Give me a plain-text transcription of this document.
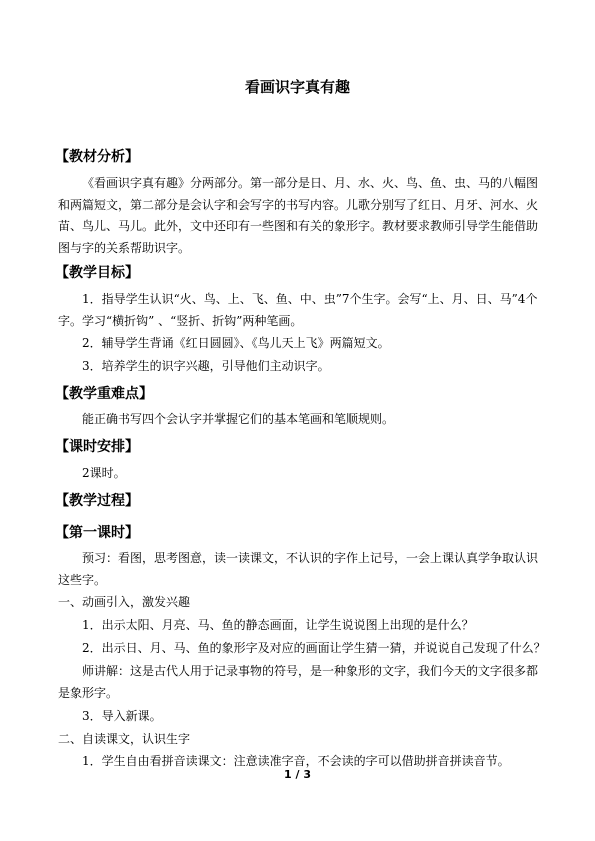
看画识字真有趣
【教材分析】
《看画识字真有趣》分两部分。第一部分是日、月、水、火、鸟、鱼、虫、马的八幅图和两篇短文，第二部分是会认字和会写字的书写内容。儿歌分别写了红日、月牙、河水、火苗、鸟儿、马儿。此外，文中还印有一些图和有关的象形字。教材要求教师引导学生能借助图与字的关系帮助识字。
【教学目标】
1．指导学生认识“火、鸟、上、飞、鱼、中、虫”7个生字。会写“上、月、日、马”4个字。学习“横折钩” 、“竖折、折钩”两种笔画。
2．辅导学生背诵《红日圆圆》、《鸟儿天上飞》两篇短文。
3．培养学生的识字兴趣，引导他们主动识字。
【教学重难点】
能正确书写四个会认字并掌握它们的基本笔画和笔顺规则。
【课时安排】
2课时。
【教学过程】
【第一课时】
预习：看图，思考图意，读一读课文，不认识的字作上记号，一会上课认真学争取认识这些字。
一、动画引入，激发兴趣
1．出示太阳、月亮、马、鱼的静态画面，让学生说说图上出现的是什么？
2．出示日、月、马、鱼的象形字及对应的画面让学生猜一猜，并说说自己发现了什么？
师讲解：这是古代人用于记录事物的符号，是一种象形的文字，我们今天的文字很多都是象形字。
3．导入新课。
二、自读课文，认识生字
1．学生自由看拼音读课文：注意读准字音，不会读的字可以借助拼音拼读音节。
1 / 3
